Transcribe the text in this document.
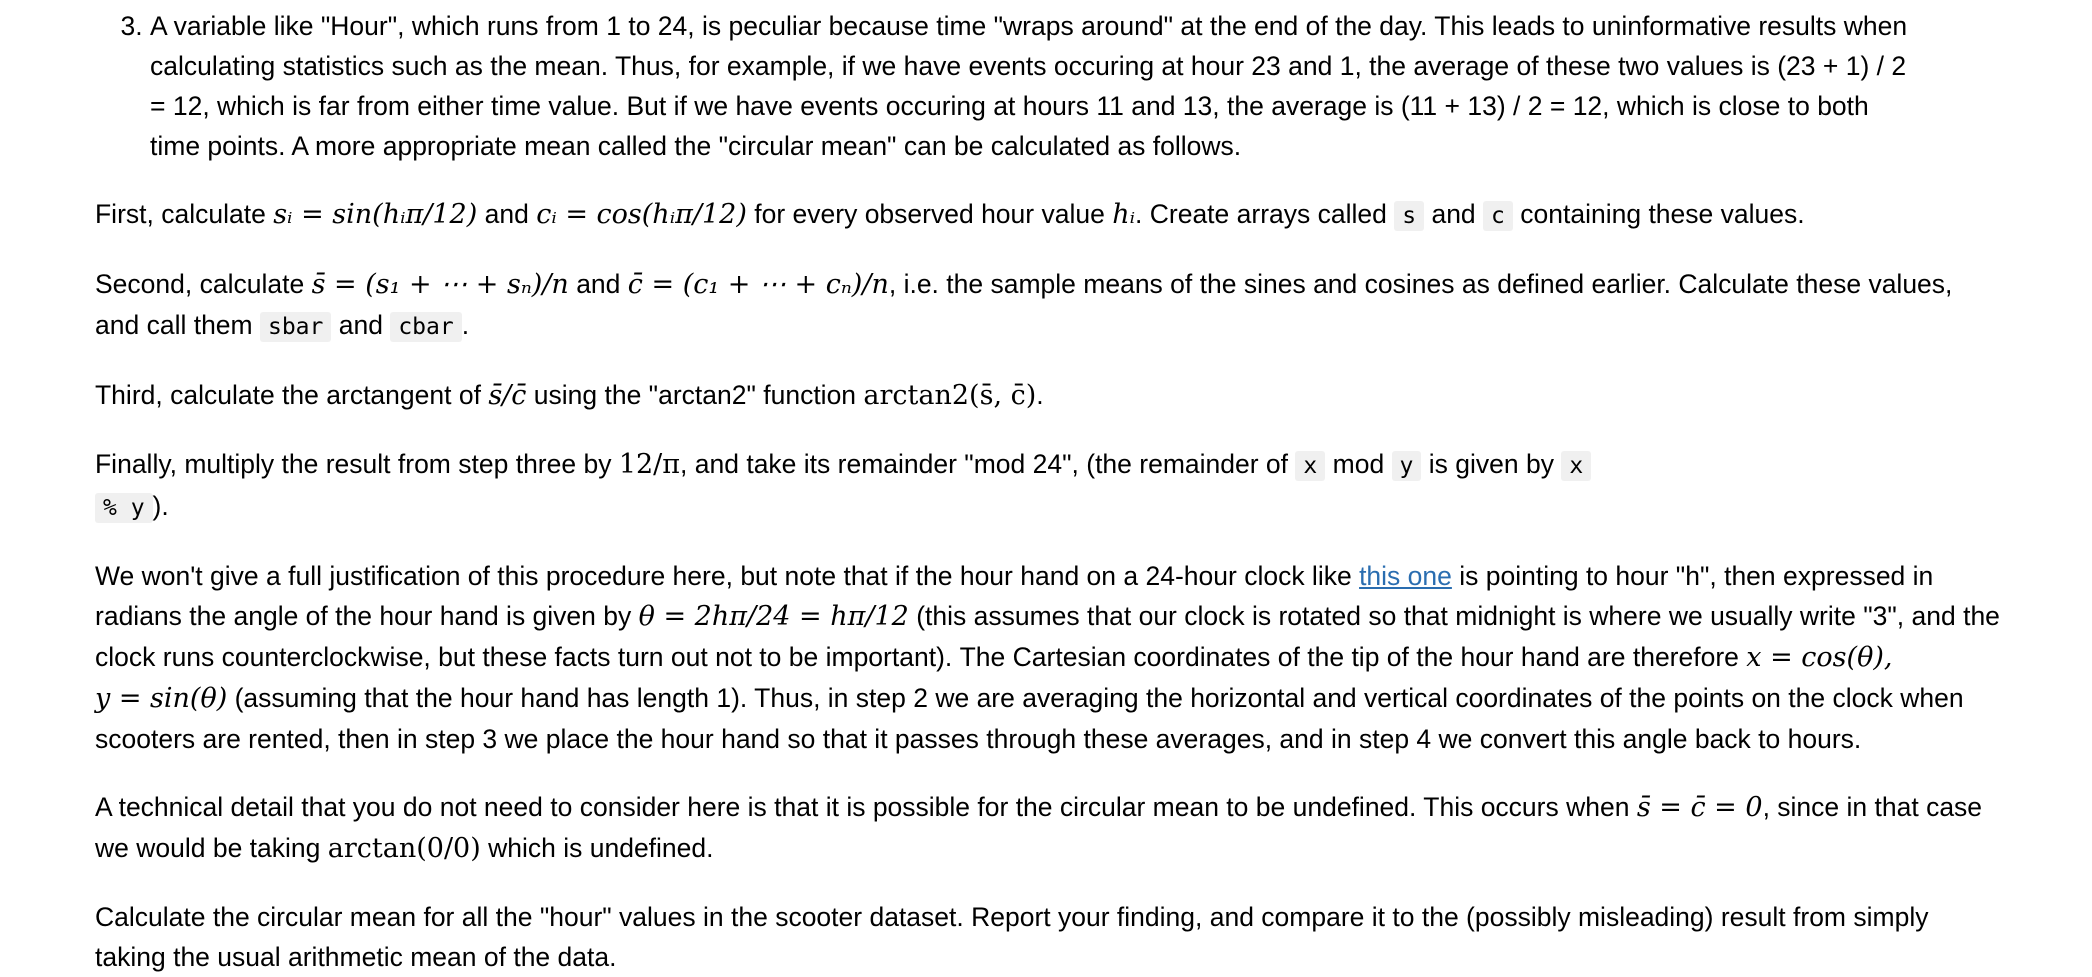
3. A variable like "Hour", which runs from 1 to 24, is peculiar because time "wraps around" at the end of the day. This leads to uninformative results when calculating statistics such as the mean. Thus, for example, if we have events occuring at hour 23 and 1, the average of these two values is (23 + 1) / 2 = 12, which is far from either time value. But if we have events occuring at hours 11 and 13, the average is (11 + 13) / 2 = 12, which is close to both time points. A more appropriate mean called the "circular mean" can be calculated as follows.

First, calculate sᵢ = sin(hᵢπ/12) and cᵢ = cos(hᵢπ/12) for every observed hour value hᵢ. Create arrays called s and c containing these values.

Second, calculate s̄ = (s₁ + ⋯ + sₙ)/n and c̄ = (c₁ + ⋯ + cₙ)/n, i.e. the sample means of the sines and cosines as defined earlier. Calculate these values, and call them sbar and cbar .

Third, calculate the arctangent of s̄/c̄ using the "arctan2" function arctan2(s̄, c̄).

Finally, multiply the result from step three by 12/π, and take its remainder "mod 24", (the remainder of x mod y is given by x
% y ).

We won't give a full justification of this procedure here, but note that if the hour hand on a 24-hour clock like this one is pointing to hour "h", then expressed in radians the angle of the hour hand is given by θ = 2hπ/24 = hπ/12 (this assumes that our clock is rotated so that midnight is where we usually write "3", and the clock runs counterclockwise, but these facts turn out not to be important). The Cartesian coordinates of the tip of the hour hand are therefore x = cos(θ),
y = sin(θ) (assuming that the hour hand has length 1). Thus, in step 2 we are averaging the horizontal and vertical coordinates of the points on the clock when scooters are rented, then in step 3 we place the hour hand so that it passes through these averages, and in step 4 we convert this angle back to hours.

A technical detail that you do not need to consider here is that it is possible for the circular mean to be undefined. This occurs when s̄ = c̄ = 0, since in that case we would be taking arctan(0/0) which is undefined.

Calculate the circular mean for all the "hour" values in the scooter dataset. Report your finding, and compare it to the (possibly misleading) result from simply taking the usual arithmetic mean of the data.
